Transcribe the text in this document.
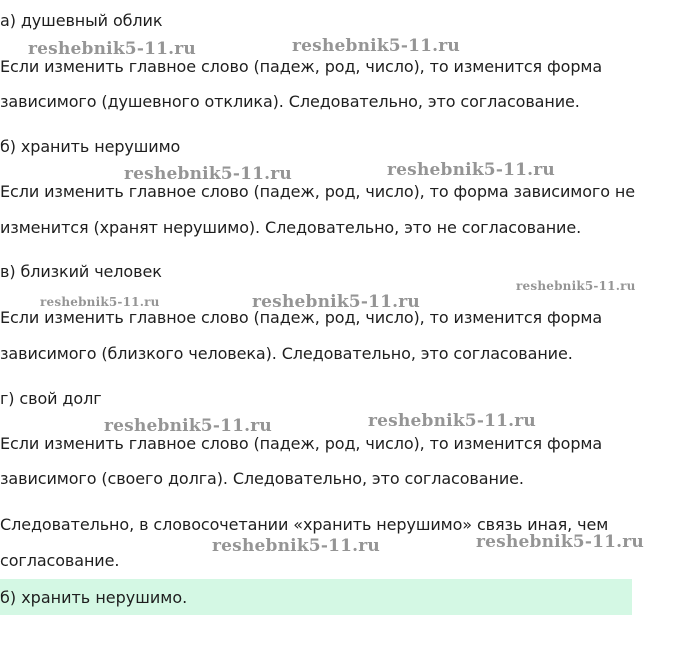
а) душевный облик
Если изменить главное слово (падеж, род, число), то изменится форма
зависимого (душевного отклика). Следовательно, это согласование.
б) хранить нерушимо
Если изменить главное слово (падеж, род, число), то форма зависимого не
изменится (хранят нерушимо). Следовательно, это не согласование.
в) близкий человек
Если изменить главное слово (падеж, род, число), то изменится форма
зависимого (близкого человека). Следовательно, это согласование.
г) свой долг
Если изменить главное слово (падеж, род, число), то изменится форма
зависимого (своего долга). Следовательно, это согласование.
Следовательно, в словосочетании «хранить нерушимо» связь иная, чем
согласование.
б) хранить нерушимо.
reshebnik5-11.ru	reshebnik5-11.ru
reshebnik5-11.ru	reshebnik5-11.ru
reshebnik5-11.ru	reshebnik5-11.ru
reshebnik5-11.ru
reshebnik5-11.ru	reshebnik5-11.ru
reshebnik5-11.ru	reshebnik5-11.ru
